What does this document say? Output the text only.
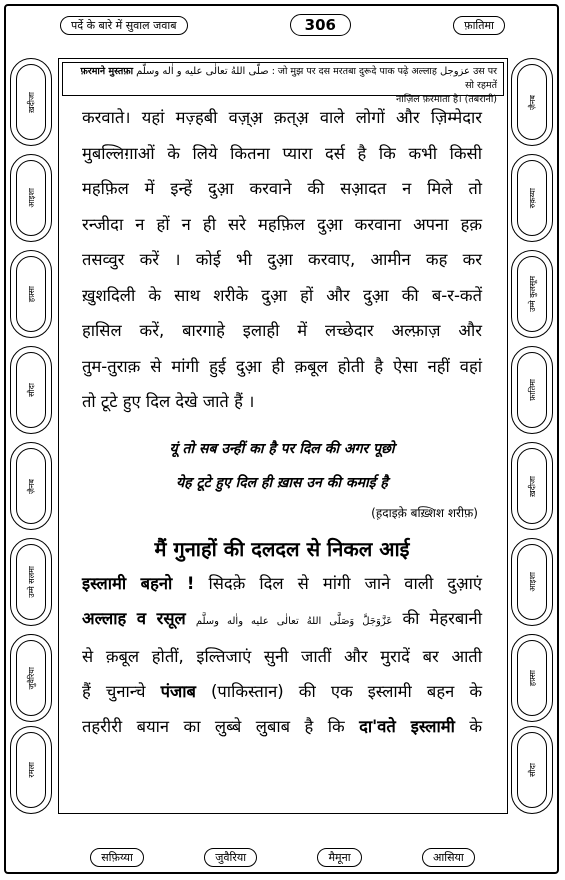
पर्दे के बारे में सुवाल जवाब	306	फ़ातिमा
ख़दीजा
आइशा
हफ़्सा
सौदा
ज़ैनब
उम्मे सलमा
जुवैरिया
रमला
ज़ैनब
रुक़य्या
उम्मे कुलसूम
फ़ातिमा
ख़दीजा
आइशा
हफ़्सा
सौदा
फ़रमाने मुस्तफ़ा صلَّى اللهُ تعالٰی علیه و اٰله وسلَّم : जो मुझ पर दस मरतबा दुरूदे पाक पढ़े अल्लाह عزوجل उस पर सो रहमतें
नाज़िल फ़रमाता है। (तबरानी)

करवाते। यहां मज़्हबी वज़्अ़ क़त्अ़ वाले लोगों और ज़िम्मेदार

मुबल्लिग़ाओं के लिये कितना प्यारा दर्स है कि कभी किसी

महफ़िल में इन्हें दुआ़ करवाने की सआ़दत न मिले तो

रन्जीदा न हों न ही सरे महफ़िल दुआ़ करवाना अपना हक़

तसव्वुर करें । कोई भी दुआ़ करवाए, आमीन कह कर

ख़ुशदिली के साथ शरीके दुआ़ हों और दुआ़ की ब-र-कतें

हासिल करें, बारगाहे इलाही में लच्छेदार अल्फ़ाज़ और

तुम-तुराक़ से मांगी हुई दुआ़ ही क़बूल होती है ऐसा नहीं वहां

तो टूटे हुए दिल देखे जाते हैं ।

यूं तो सब उन्हीं का है पर दिल की अगर पूछो
येह टूटे हुए दिल ही ख़ास उन की कमाई है
(ह़दाइके़ बख़्शिश शरीफ़)
मैं गुनाहों की दलदल से निकल आई

इस्लामी बहनो ! सिदके़ दिल से मांगी जाने वाली दुआ़एं

अल्लाह व रसूल عَزَّوَجَلَّ وَصَلَّى اللهُ تعالٰی علیه واٰله وسلَّم की मेहरबानी

से क़बूल होतीं, इल्तिजाएं सुनी जातीं और मुरादें बर आती

हैं चुनान्चे पंजाब (पाकिस्तान) की एक इस्लामी बहन के

तहरीरी बयान का लुब्बे लुबाब है कि दा'वते इस्लामी के

सफ़िय्या	जुवैरिया	मैमूना	आसिया
